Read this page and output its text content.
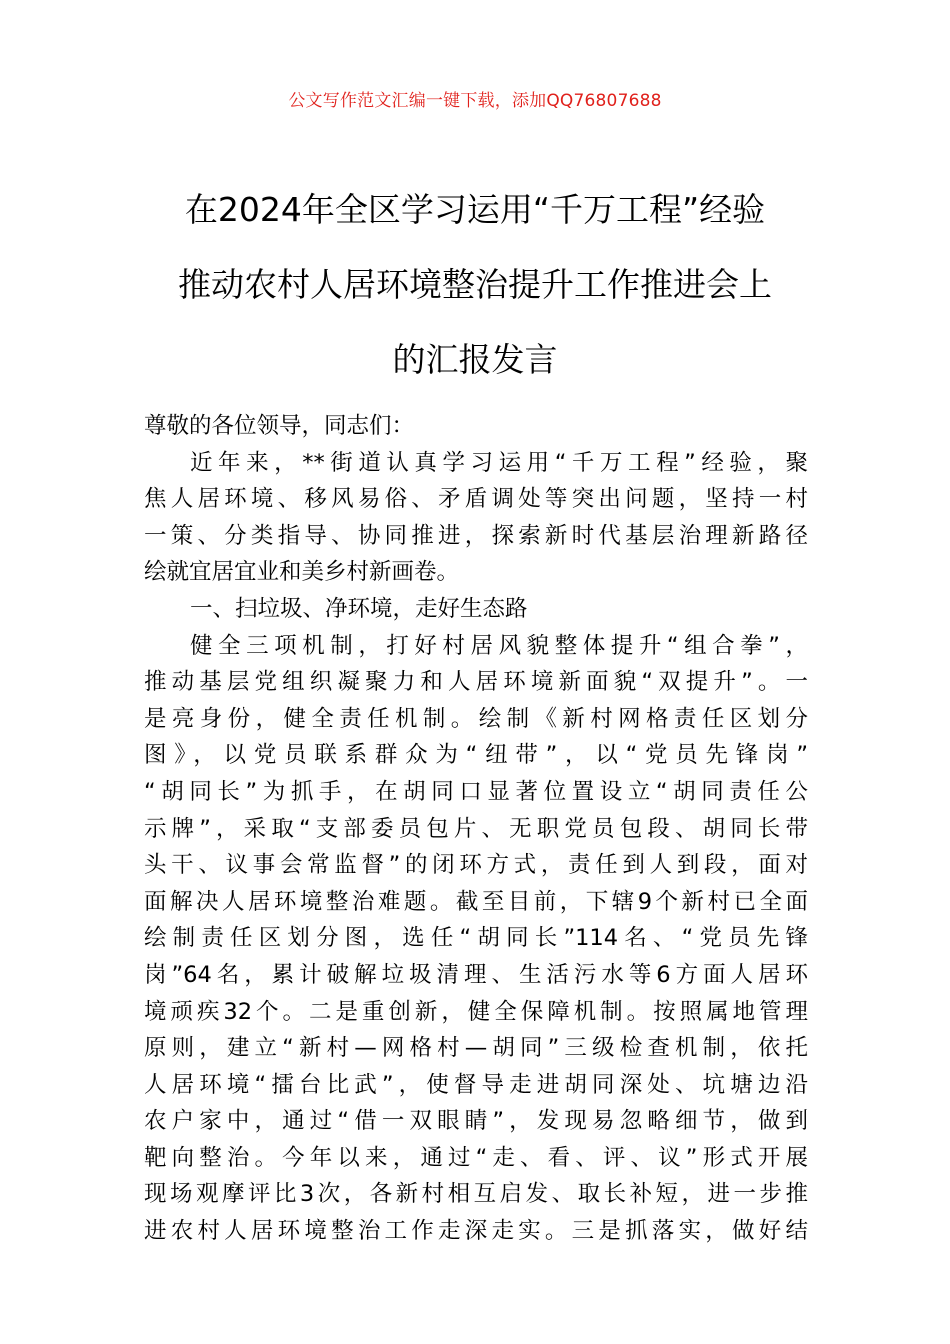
公文写作范文汇编一键下载，添加QQ76807688
在2024年全区学习运用“千万工程”经验
推动农村人居环境整治提升工作推进会上
的汇报发言

尊敬的各位领导，同志们：

近年来，**街道认真学习运用“千万工程”经验，聚
焦人居环境、移风易俗、矛盾调处等突出问题，坚持一村
一策、分类指导、协同推进，探索新时代基层治理新路径
绘就宜居宜业和美乡村新画卷。

一、扫垃圾、净环境，走好生态路

健全三项机制，打好村居风貌整体提升“组合拳”，
推动基层党组织凝聚力和人居环境新面貌“双提升”。一
是亮身份，健全责任机制。绘制《新村网格责任区划分
图》，以党员联系群众为“纽带”，以“党员先锋岗”
“胡同长”为抓手，在胡同口显著位置设立“胡同责任公
示牌”，采取“支部委员包片、无职党员包段、胡同长带
头干、议事会常监督”的闭环方式，责任到人到段，面对
面解决人居环境整治难题。截至目前，下辖9个新村已全面
绘制责任区划分图，选任“胡同长”114名、“党员先锋
岗”64名，累计破解垃圾清理、生活污水等6方面人居环
境顽疾32个。二是重创新，健全保障机制。按照属地管理
原则，建立“新村—网格村—胡同”三级检查机制，依托
人居环境“擂台比武”，使督导走进胡同深处、坑塘边沿
农户家中，通过“借一双眼睛”，发现易忽略细节，做到
靶向整治。今年以来，通过“走、看、评、议”形式开展
现场观摩评比3次，各新村相互启发、取长补短，进一步推
进农村人居环境整治工作走深走实。三是抓落实，做好结
